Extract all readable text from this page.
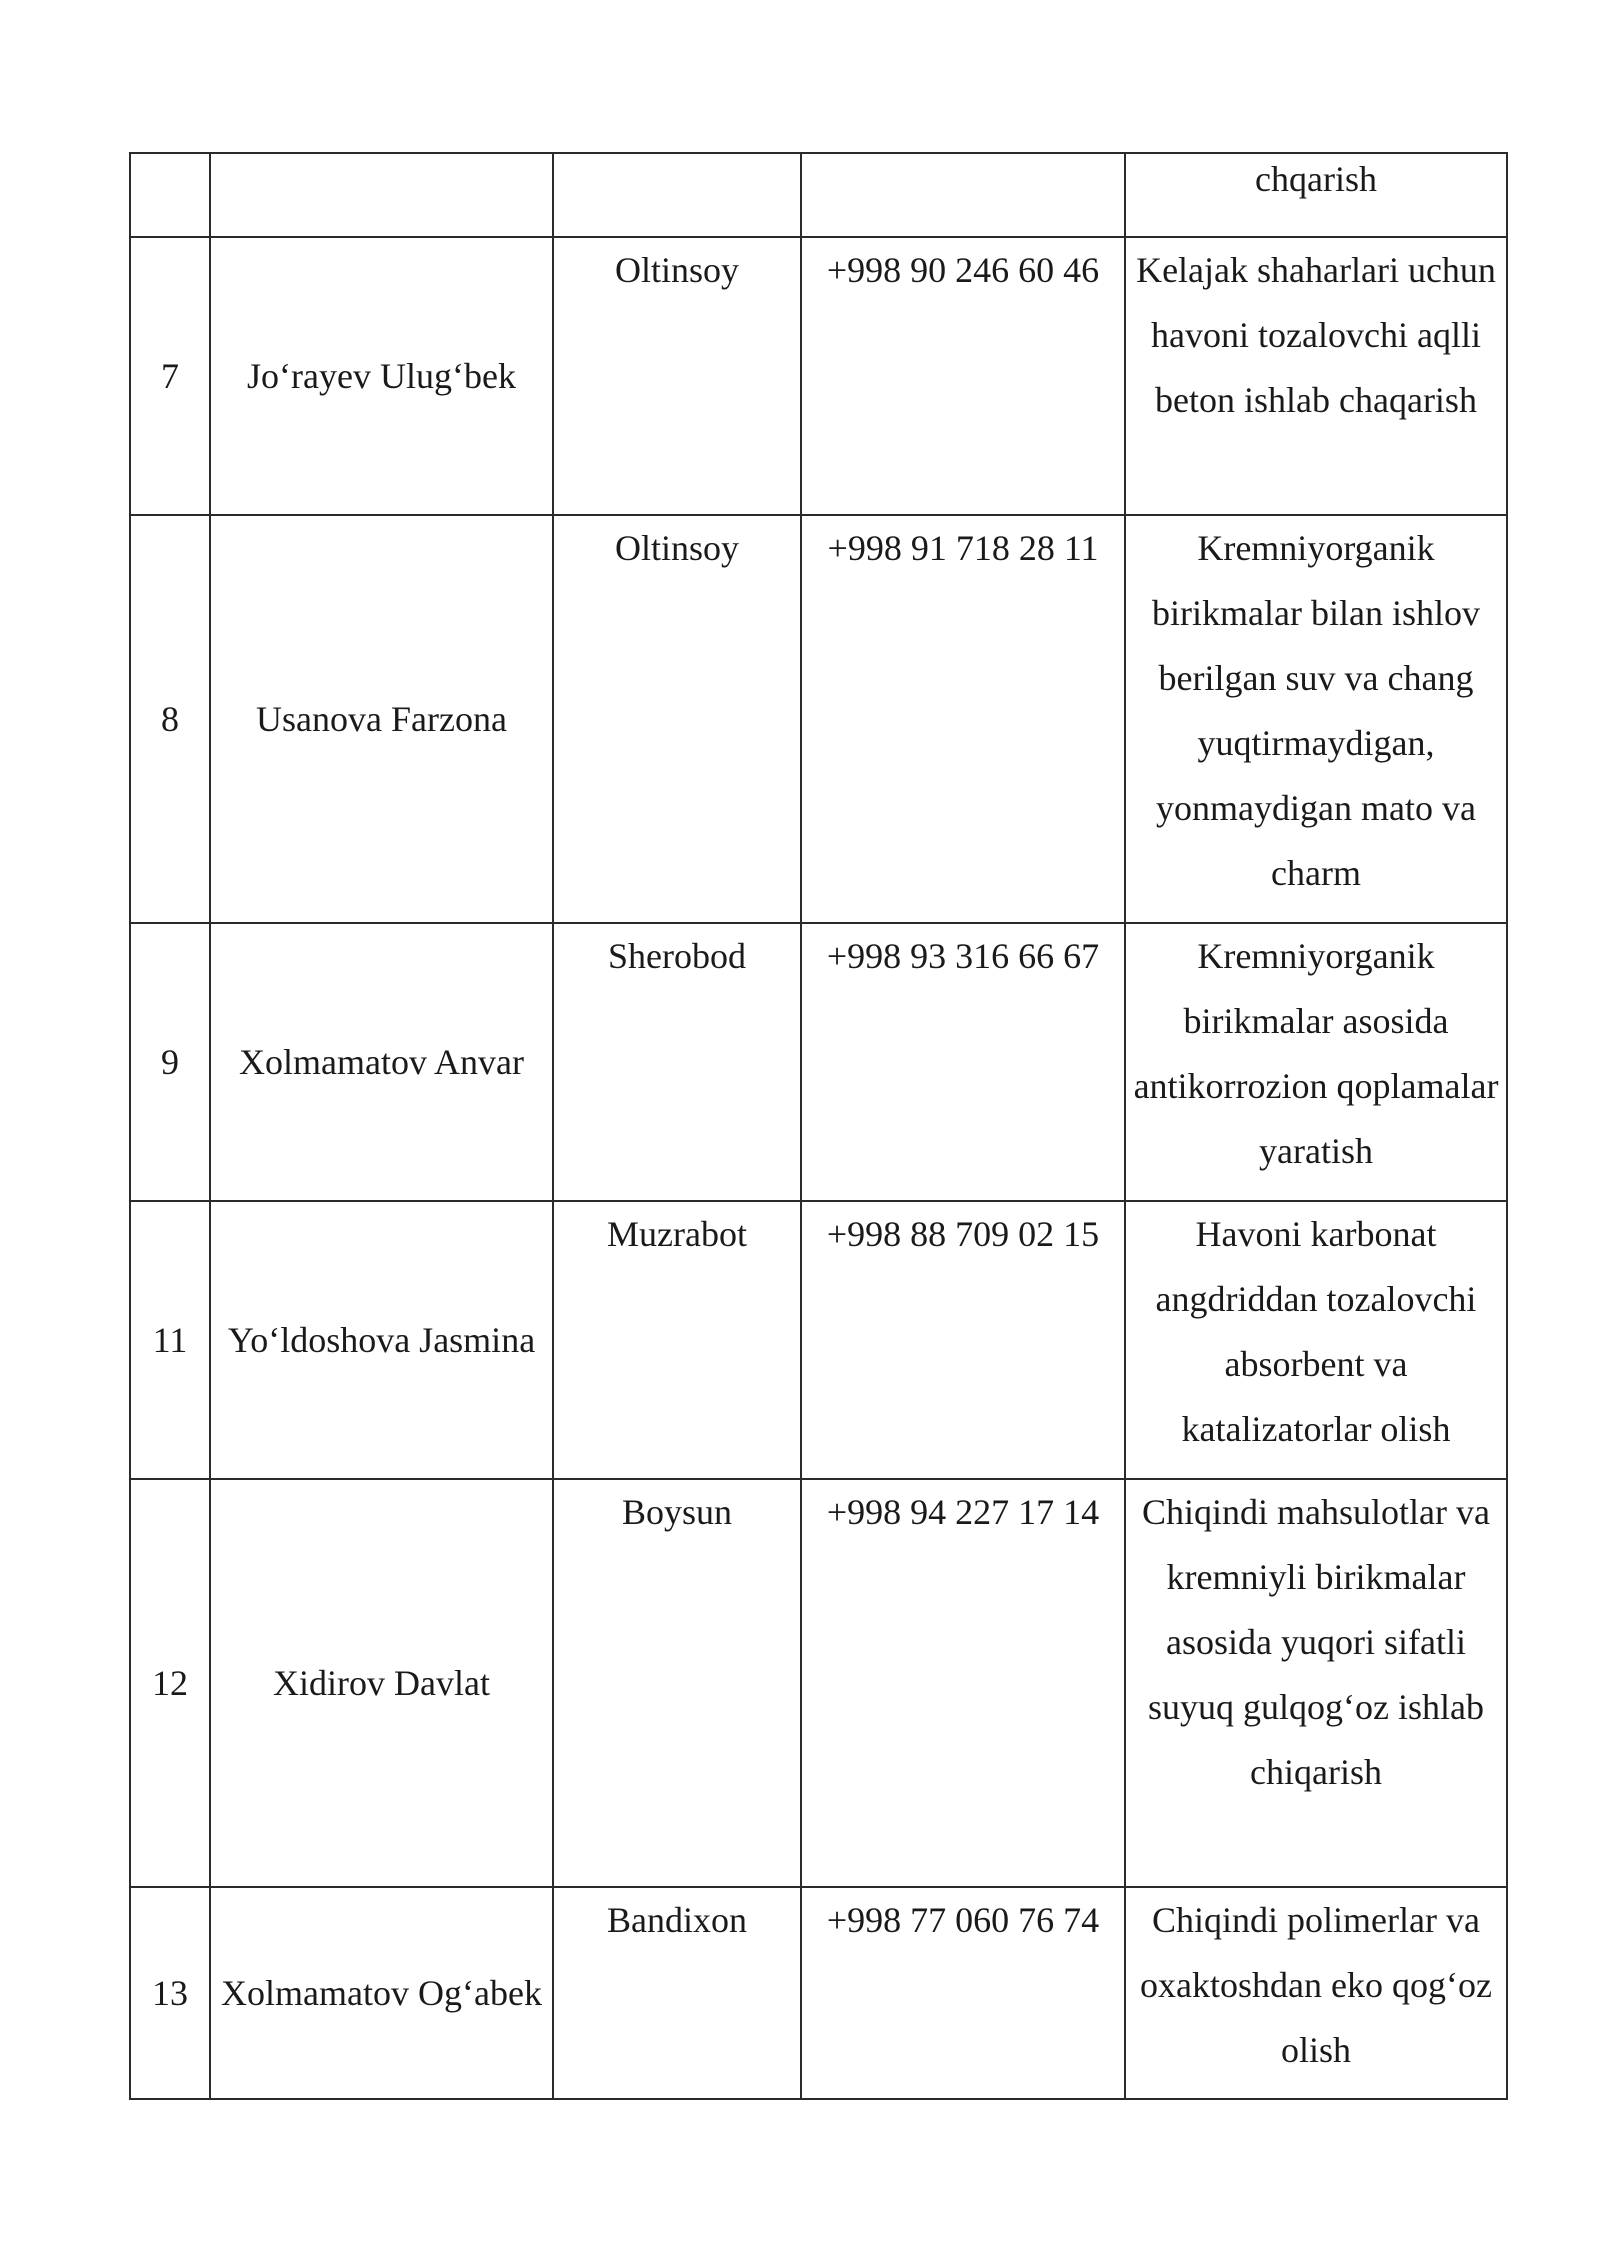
				chqarish

7	Jo‘rayev Ulug‘bek	Oltinsoy	+998 90 246 60 46	Kelajak shaharlari uchun havoni tozalovchi aqlli beton ishlab chaqarish
8	Usanova Farzona	Oltinsoy	+998 91 718 28 11	Kremniyorganik birikmalar bilan ishlov berilgan suv va chang yuqtirmaydigan, yonmaydigan mato va charm
9	Xolmamatov Anvar	Sherobod	+998 93 316 66 67	Kremniyorganik birikmalar asosida antikorrozion qoplamalar yaratish
11	Yo‘ldoshova Jasmina	Muzrabot	+998 88 709 02 15	Havoni karbonat angdriddan tozalovchi absorbent va katalizatorlar olish
12	Xidirov Davlat	Boysun	+998 94 227 17 14	Chiqindi mahsulotlar va kremniyli birikmalar asosida yuqori sifatli suyuq gulqog‘oz ishlab chiqarish
13	Xolmamatov Og‘abek	Bandixon	+998 77 060 76 74	Chiqindi polimerlar va oxaktoshdan eko qog‘oz olish
